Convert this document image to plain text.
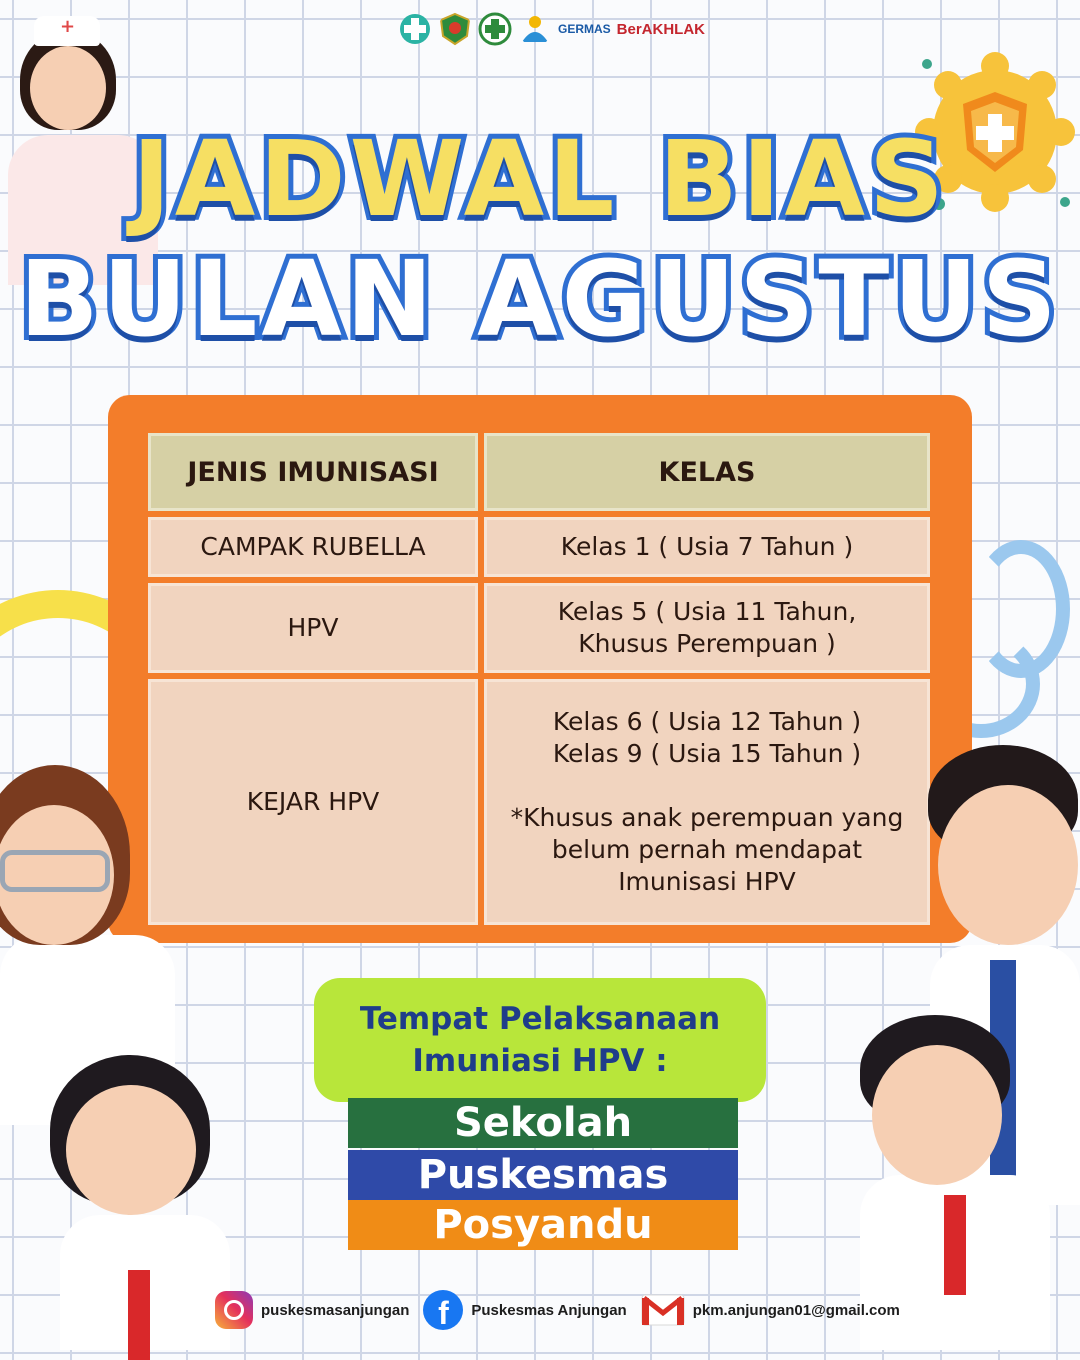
GERMAS BerAKHLAK
+
JADWAL BIAS
BULAN AGUSTUS
JENIS IMUNISASI	KELAS
CAMPAK RUBELLA	Kelas 1 ( Usia 7 Tahun )
HPV	Kelas 5 ( Usia 11 Tahun,
Khusus Perempuan )
KEJAR HPV	Kelas 6 ( Usia 12 Tahun )
Kelas 9 ( Usia 15 Tahun )

*Khusus anak perempuan yang
belum pernah mendapat
Imunisasi HPV
Tempat Pelaksanaan
Imuniasi HPV :
Sekolah
Puskesmas
Posyandu
puskesmasanjungan f	Puskesmas Anjungan	pkm.anjungan01@gmail.com
